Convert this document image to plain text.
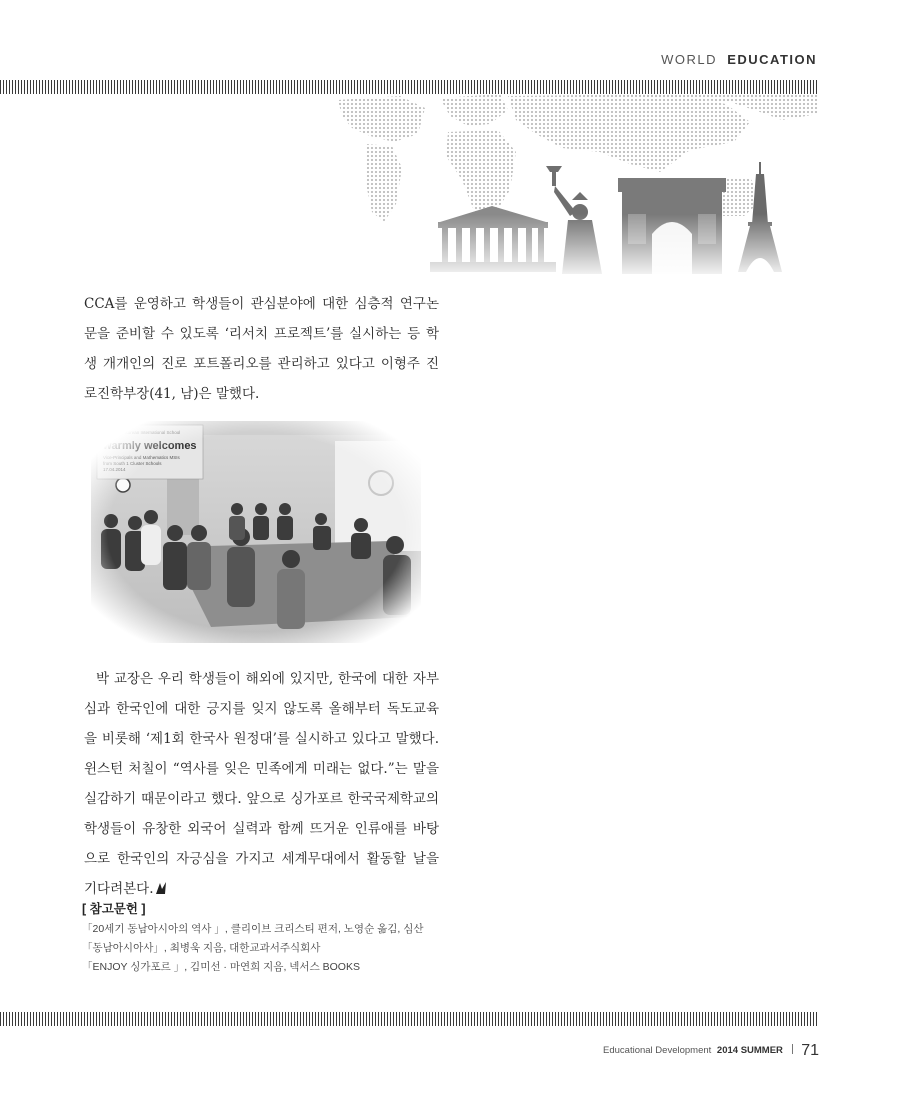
WORLD EDUCATION

CCA를 운영하고 학생들이 관심분야에 대한 심층적 연구논문을 준비할 수 있도록 ‘리서치 프로젝트’를 실시하는 등 학생 개개인의 진로 포트폴리오를 관리하고 있다고 이형주 진로진학부장(41, 남)은 말했다.

박 교장은 우리 학생들이 해외에 있지만, 한국에 대한 자부심과 한국인에 대한 긍지를 잊지 않도록 올해부터 독도교육을 비롯해 ‘제1회 한국사 원정대’를 실시하고 있다고 말했다. 윈스턴 처칠이 “역사를 잊은 민족에게 미래는 없다.”는 말을 실감하기 때문이라고 했다. 앞으로 싱가포르 한국국제학교의 학생들이 유창한 외국어 실력과 함께 뜨거운 인류애를 바탕으로 한국인의 자긍심을 가지고 세계무대에서 활동할 날을 기다려본다.

[ 참고문헌 ]
「20세기 동남아시아의 역사 」, 클리이브 크리스티 편저, 노영순 옮김, 심산
「동남아시아사」, 최병욱 지음, 대한교과서주식회사
「ENJOY 싱가포르 」, 김미선 · 마연희 지음, 넥서스 BOOKS
Educational Development 2014 SUMMER 71
